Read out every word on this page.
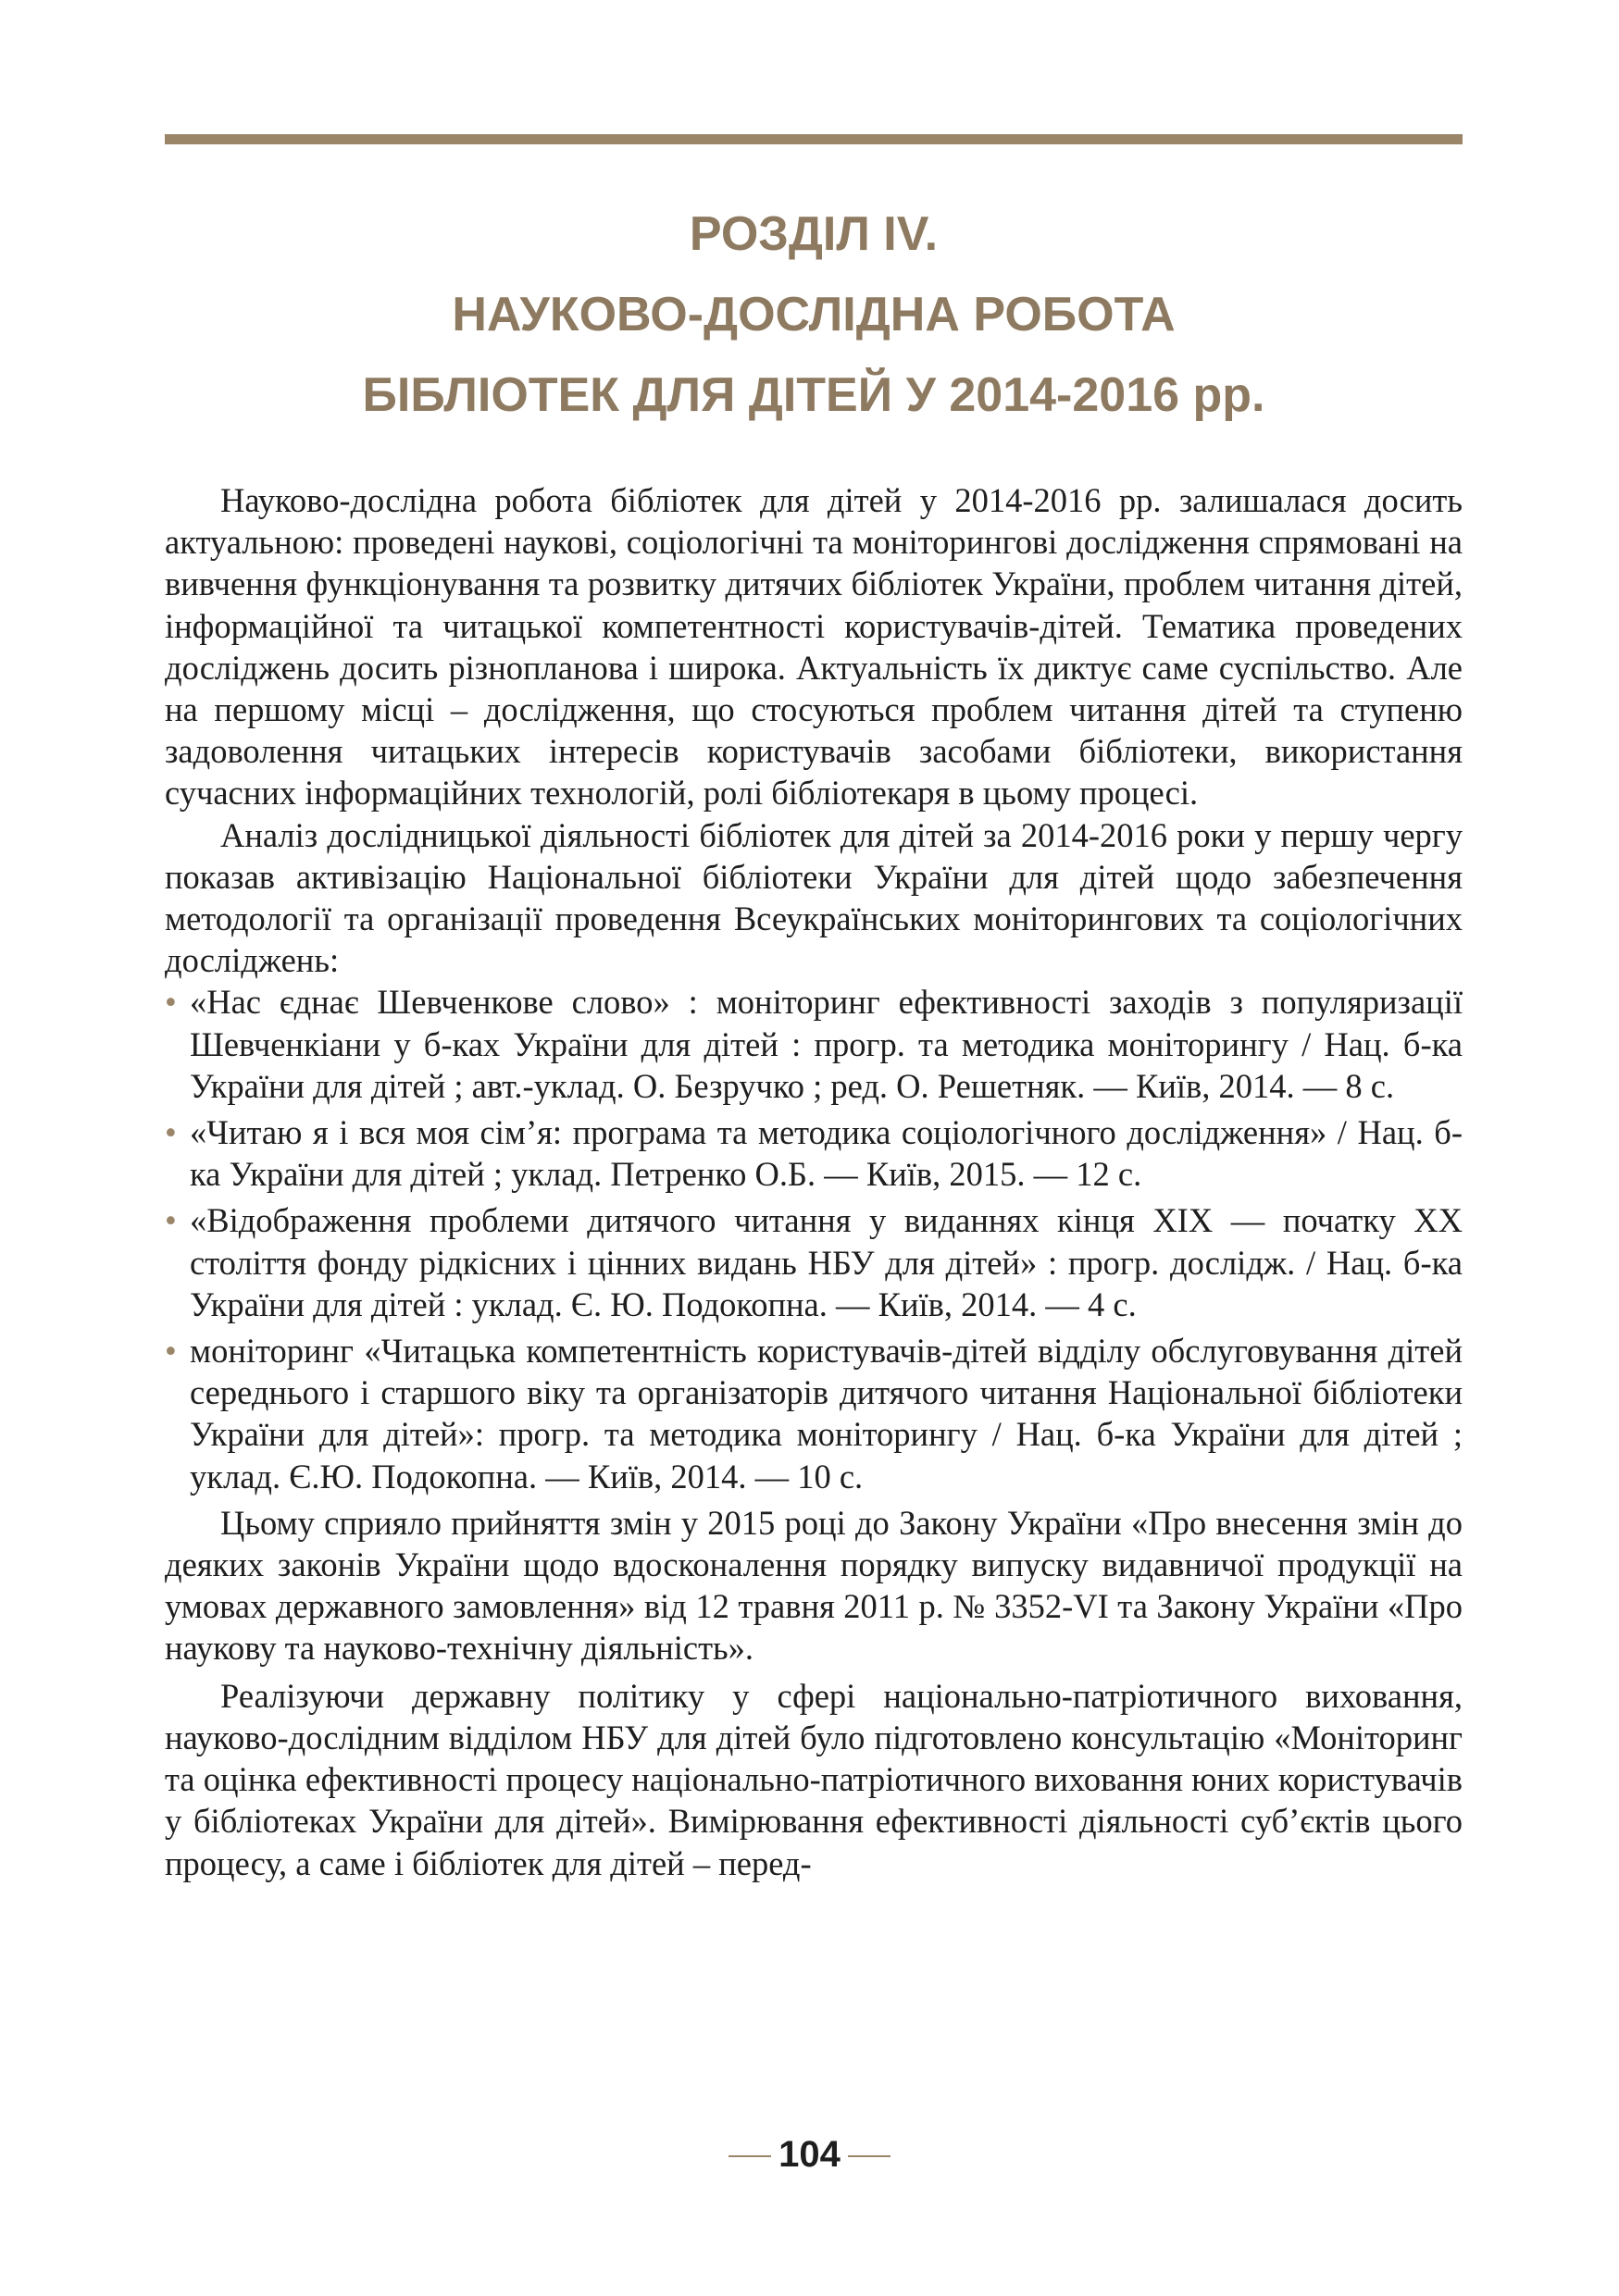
РОЗДІЛ IV.
НАУКОВО-ДОСЛІДНА РОБОТА
БІБЛІОТЕК ДЛЯ ДІТЕЙ У 2014-2016 рр.

Науково-дослідна робота бібліотек для дітей у 2014-2016 рр. залишалася досить актуальною: проведені наукові, соціологічні та моніторингові дослідження спрямовані на вивчення функціонування та розвитку дитячих бібліотек України, проблем читання дітей, інформаційної та читацької компетентності користувачів-дітей. Тематика проведених досліджень досить різнопланова і широка. Актуальність їх диктує саме суспільство. Але на першому місці – дослідження, що стосуються проблем читання дітей та ступеню задоволення читацьких інтересів користувачів засобами бібліотеки, використання сучасних інформаційних технологій, ролі бібліотекаря в цьому процесі.

Аналіз дослідницької діяльності бібліотек для дітей за 2014-2016 роки у першу чергу показав активізацію Національної бібліотеки України для дітей щодо забезпечення методології та організації проведення Всеукраїнських моніторингових та соціологічних досліджень:

• «Нас єднає Шевченкове слово» : моніторинг ефективності заходів з популяризації Шевченкіани у б-ках України для дітей : прогр. та методика моніторингу / Нац. б-ка України для дітей ; авт.-уклад. О. Безручко ; ред. О. Решетняк. — Київ, 2014. — 8 с.
• «Читаю я і вся моя сім’я: програма та методика соціологічного дослідження» / Нац. б-ка України для дітей ; уклад. Петренко О.Б. — Київ, 2015. — 12 с.
• «Відображення проблеми дитячого читання у виданнях кінця XIX — початку XX століття фонду рідкісних і цінних видань НБУ для дітей» : прогр. дослідж. / Нац. б-ка України для дітей : уклад. Є. Ю. Подокопна. — Київ, 2014. — 4 с.
• моніторинг «Читацька компетентність користувачів-дітей відділу обслуговування дітей середнього і старшого віку та організаторів дитячого читання Національної бібліотеки України для дітей»: прогр. та методика моніторингу / Нац. б-ка України для дітей ; уклад. Є.Ю. Подокопна. — Київ, 2014. — 10 с.

Цьому сприяло прийняття змін у 2015 році до Закону України «Про внесення змін до деяких законів України щодо вдосконалення порядку випуску видавничої продукції на умовах державного замовлення» від 12 травня 2011 р. № 3352-VI та Закону України «Про наукову та науково-технічну діяльність».

Реалізуючи державну політику у сфері національно-патріотичного виховання, науково-дослідним відділом НБУ для дітей було підготовлено консультацію «Моніторинг та оцінка ефективності процесу національно-патріотичного виховання юних користувачів у бібліотеках України для дітей». Вимірювання ефективності діяльності суб’єктів цього процесу, а саме і бібліотек для дітей – перед-

104
